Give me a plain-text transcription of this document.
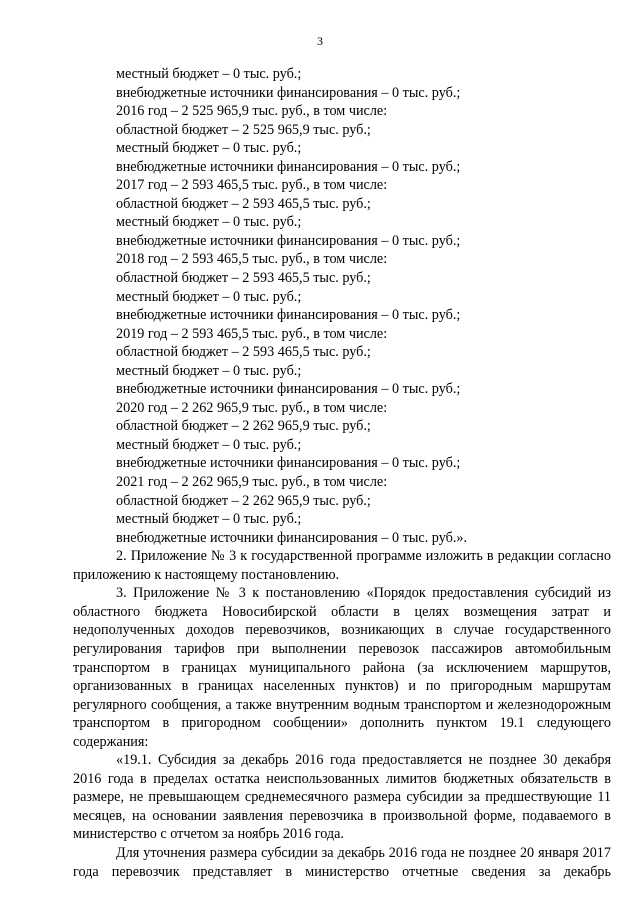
3
местный бюджет – 0 тыс. руб.;
внебюджетные источники финансирования – 0 тыс. руб.;
2016 год – 2 525 965,9 тыс. руб., в том числе:
областной бюджет – 2 525 965,9 тыс. руб.;
местный бюджет – 0 тыс. руб.;
внебюджетные источники финансирования – 0 тыс. руб.;
2017 год – 2 593 465,5 тыс. руб., в том числе:
областной бюджет – 2 593 465,5 тыс. руб.;
местный бюджет – 0 тыс. руб.;
внебюджетные источники финансирования – 0 тыс. руб.;
2018 год – 2 593 465,5 тыс. руб., в том числе:
областной бюджет – 2 593 465,5 тыс. руб.;
местный бюджет – 0 тыс. руб.;
внебюджетные источники финансирования – 0 тыс. руб.;
2019 год – 2 593 465,5 тыс. руб., в том числе:
областной бюджет – 2 593 465,5 тыс. руб.;
местный бюджет – 0 тыс. руб.;
внебюджетные источники финансирования – 0 тыс. руб.;
2020 год – 2 262 965,9 тыс. руб., в том числе:
областной бюджет – 2 262 965,9 тыс. руб.;
местный бюджет – 0 тыс. руб.;
внебюджетные источники финансирования – 0 тыс. руб.;
2021 год – 2 262 965,9 тыс. руб., в том числе:
областной бюджет – 2 262 965,9 тыс. руб.;
местный бюджет – 0 тыс. руб.;
внебюджетные источники финансирования – 0 тыс. руб.».
2. Приложение № 3 к государственной программе изложить в редакции согласно приложению к настоящему постановлению.
3. Приложение № 3 к постановлению «Порядок предоставления субсидий из областного бюджета Новосибирской области в целях возмещения затрат и недополученных доходов перевозчиков, возникающих в случае государственного регулирования тарифов при выполнении перевозок пассажиров автомобильным транспортом в границах муниципального района (за исключением маршрутов, организованных в границах населенных пунктов) и по пригородным маршрутам регулярного сообщения, а также внутренним водным транспортом и железнодорожным транспортом в пригородном сообщении» дополнить пунктом 19.1 следующего содержания:
«19.1. Субсидия за декабрь 2016 года предоставляется не позднее 30 декабря 2016 года в пределах остатка неиспользованных лимитов бюджетных обязательств в размере, не превышающем среднемесячного размера субсидии за предшествующие 11 месяцев, на основании заявления перевозчика в произвольной форме, подаваемого в министерство с отчетом за ноябрь 2016 года.
Для уточнения размера субсидии за декабрь 2016 года не позднее 20 января 2017 года перевозчик представляет в министерство отчетные сведения за декабрь
